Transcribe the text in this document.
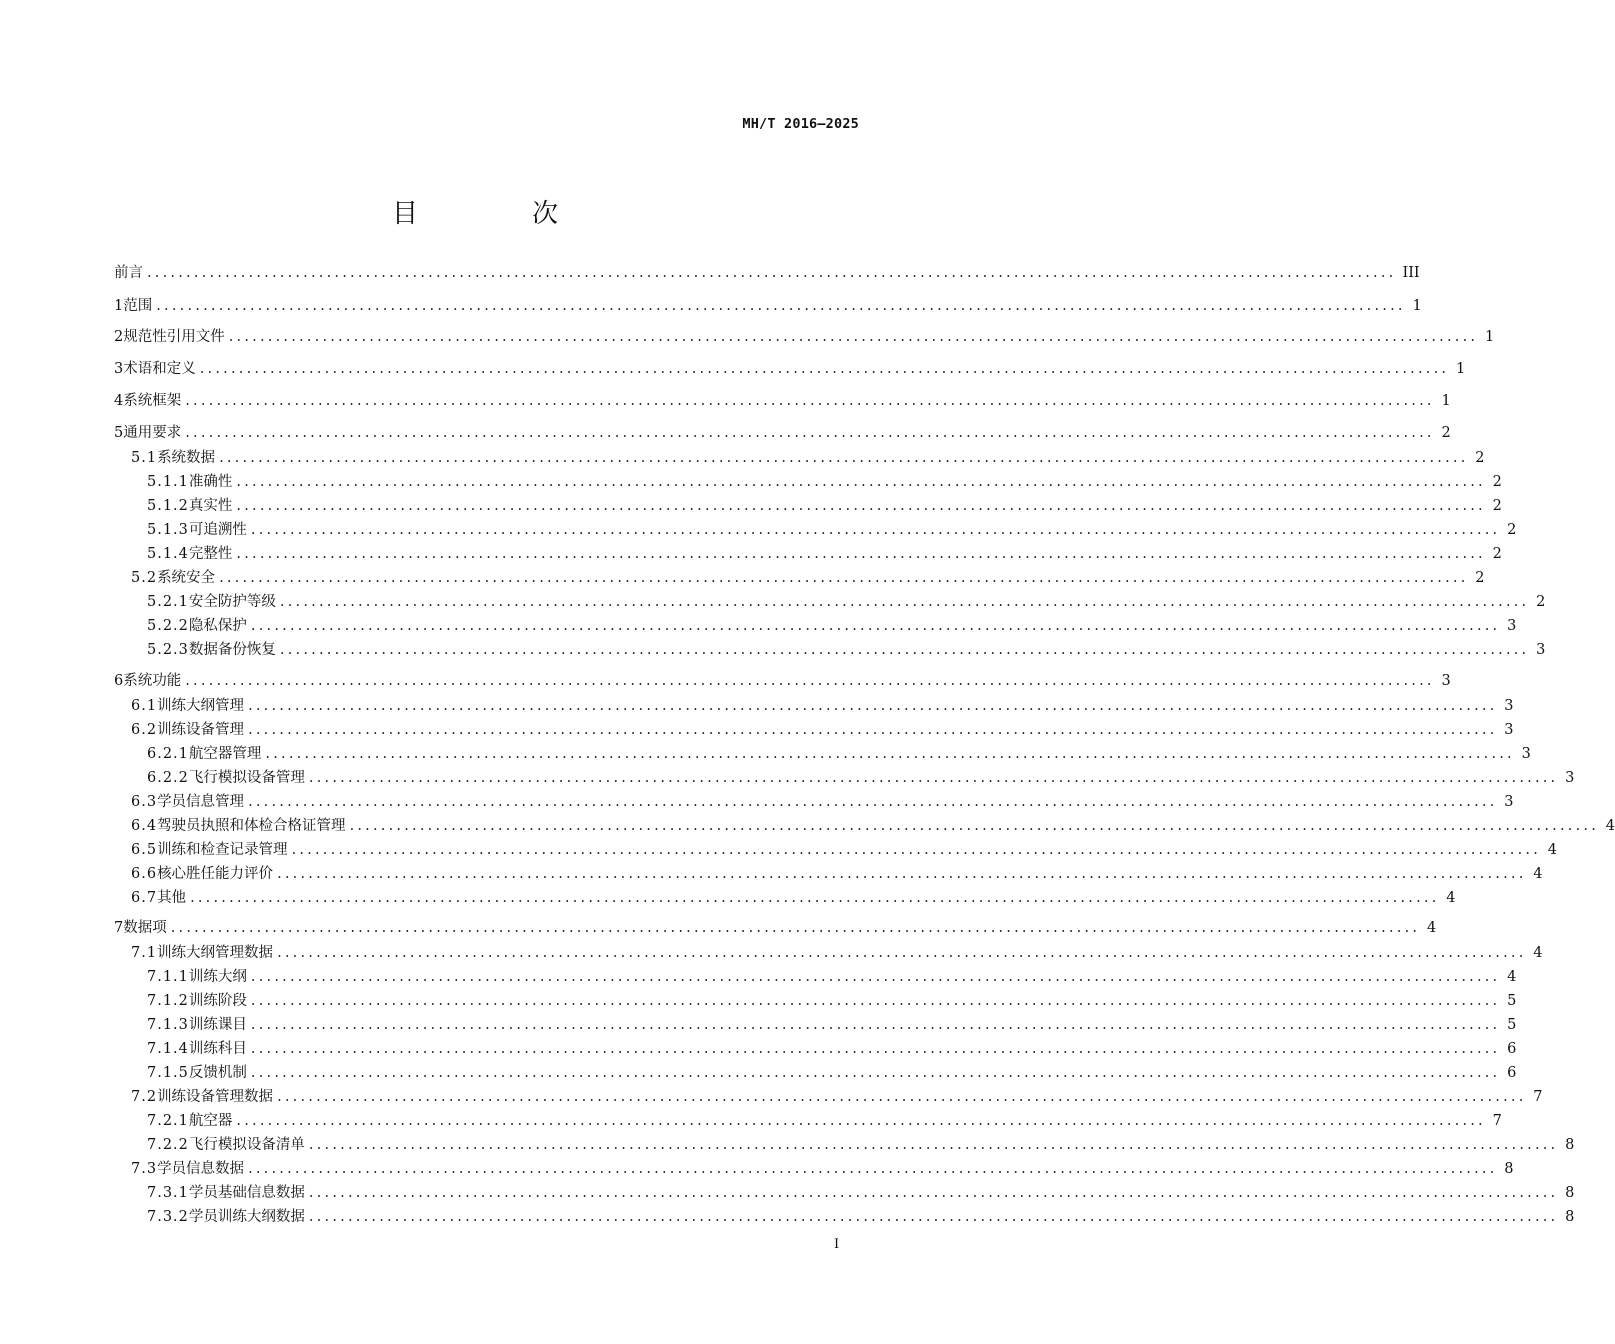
MH/T 2016—2025
目　次
前言 ................................................................................................................................................................ III
1 范围 ................................................................................................................................................................ 1
2 规范性引用文件 ................................................................................................................................................................ 1
3 术语和定义 ................................................................................................................................................................ 1
4 系统框架 ................................................................................................................................................................ 1
5 通用要求 ................................................................................................................................................................ 2
5.1 系统数据 ................................................................................................................................................................ 2
5.1.1 准确性 ................................................................................................................................................................ 2
5.1.2 真实性 ................................................................................................................................................................ 2
5.1.3 可追溯性 ................................................................................................................................................................ 2
5.1.4 完整性 ................................................................................................................................................................ 2
5.2 系统安全 ................................................................................................................................................................ 2
5.2.1 安全防护等级 ................................................................................................................................................................ 2
5.2.2 隐私保护 ................................................................................................................................................................ 3
5.2.3 数据备份恢复 ................................................................................................................................................................ 3
6 系统功能 ................................................................................................................................................................ 3
6.1 训练大纲管理 ................................................................................................................................................................ 3
6.2 训练设备管理 ................................................................................................................................................................ 3
6.2.1 航空器管理 ................................................................................................................................................................ 3
6.2.2 飞行模拟设备管理 ................................................................................................................................................................ 3
6.3 学员信息管理 ................................................................................................................................................................ 3
6.4 驾驶员执照和体检合格证管理 ................................................................................................................................................................ 4
6.5 训练和检查记录管理 ................................................................................................................................................................ 4
6.6 核心胜任能力评价 ................................................................................................................................................................ 4
6.7 其他 ................................................................................................................................................................ 4
7 数据项 ................................................................................................................................................................ 4
7.1 训练大纲管理数据 ................................................................................................................................................................ 4
7.1.1 训练大纲 ................................................................................................................................................................ 4
7.1.2 训练阶段 ................................................................................................................................................................ 5
7.1.3 训练课目 ................................................................................................................................................................ 5
7.1.4 训练科目 ................................................................................................................................................................ 6
7.1.5 反馈机制 ................................................................................................................................................................ 6
7.2 训练设备管理数据 ................................................................................................................................................................ 7
7.2.1 航空器 ................................................................................................................................................................ 7
7.2.2 飞行模拟设备清单 ................................................................................................................................................................ 8
7.3 学员信息数据 ................................................................................................................................................................ 8
7.3.1 学员基础信息数据 ................................................................................................................................................................ 8
7.3.2 学员训练大纲数据 ................................................................................................................................................................ 8
I
